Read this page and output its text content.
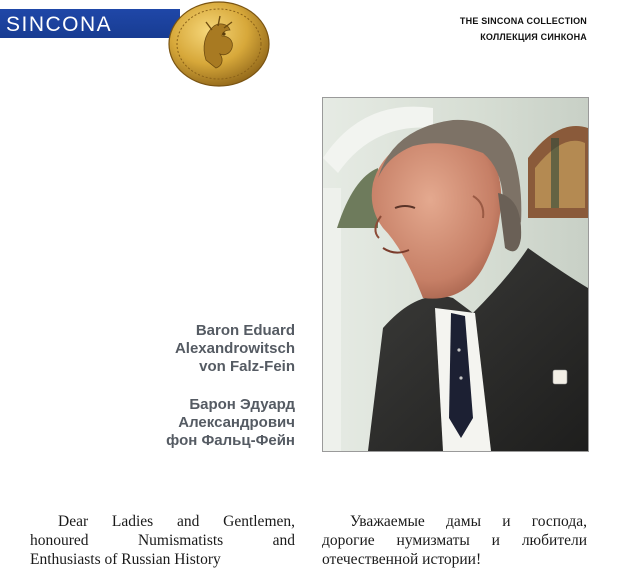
SINCONA	THE SINCONA COLLECTION
КОЛЛЕКЦИЯ СИНКОНА
Baron Eduard
Alexandrowitsch
von Falz-Fein
Барон Эдуард
Александрович
фон Фальц-Фейн
Dear Ladies and Gentlemen,
honoured Numismatists and
Enthusiasts of Russian History
Уважаемые дамы и господа,
дорогие нумизматы и любители
отечественной истории!
